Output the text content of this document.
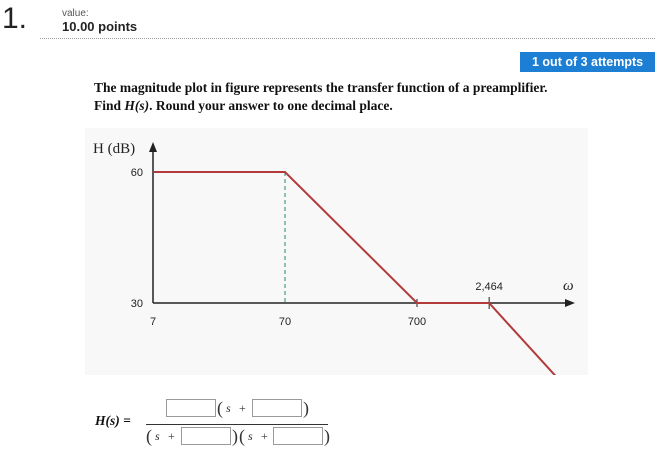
1.	value:
10.00 points
1 out of 3 attempts
The magnitude plot in figure represents the transfer function of a preamplifier.
Find H(s). Round your answer to one decimal place.
H (dB)
ω
60
30
7	70	700
2,464
H(s) =
( s +	)
( s +	) ( s +	)
